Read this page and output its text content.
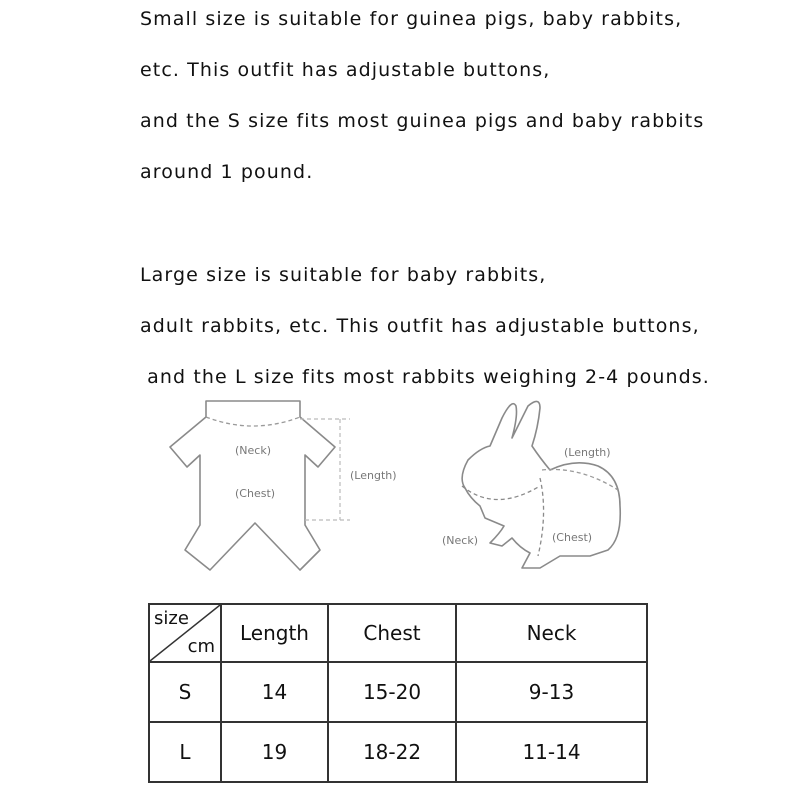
Small size is suitable for guinea pigs, baby rabbits,
etc. This outfit has adjustable buttons,
and the S size fits most guinea pigs and baby rabbits
around 1 pound.
Large size is suitable for baby rabbits,
adult rabbits, etc. This outfit has adjustable buttons,
and the L size fits most rabbits weighing 2-4 pounds.
(Neck)
(Chest)
(Length)
(Length)
(Neck)	(Chest)
size
cm	Length	Chest	Neck
S	14	15-20	9-13
L	19	18-22	11-14
